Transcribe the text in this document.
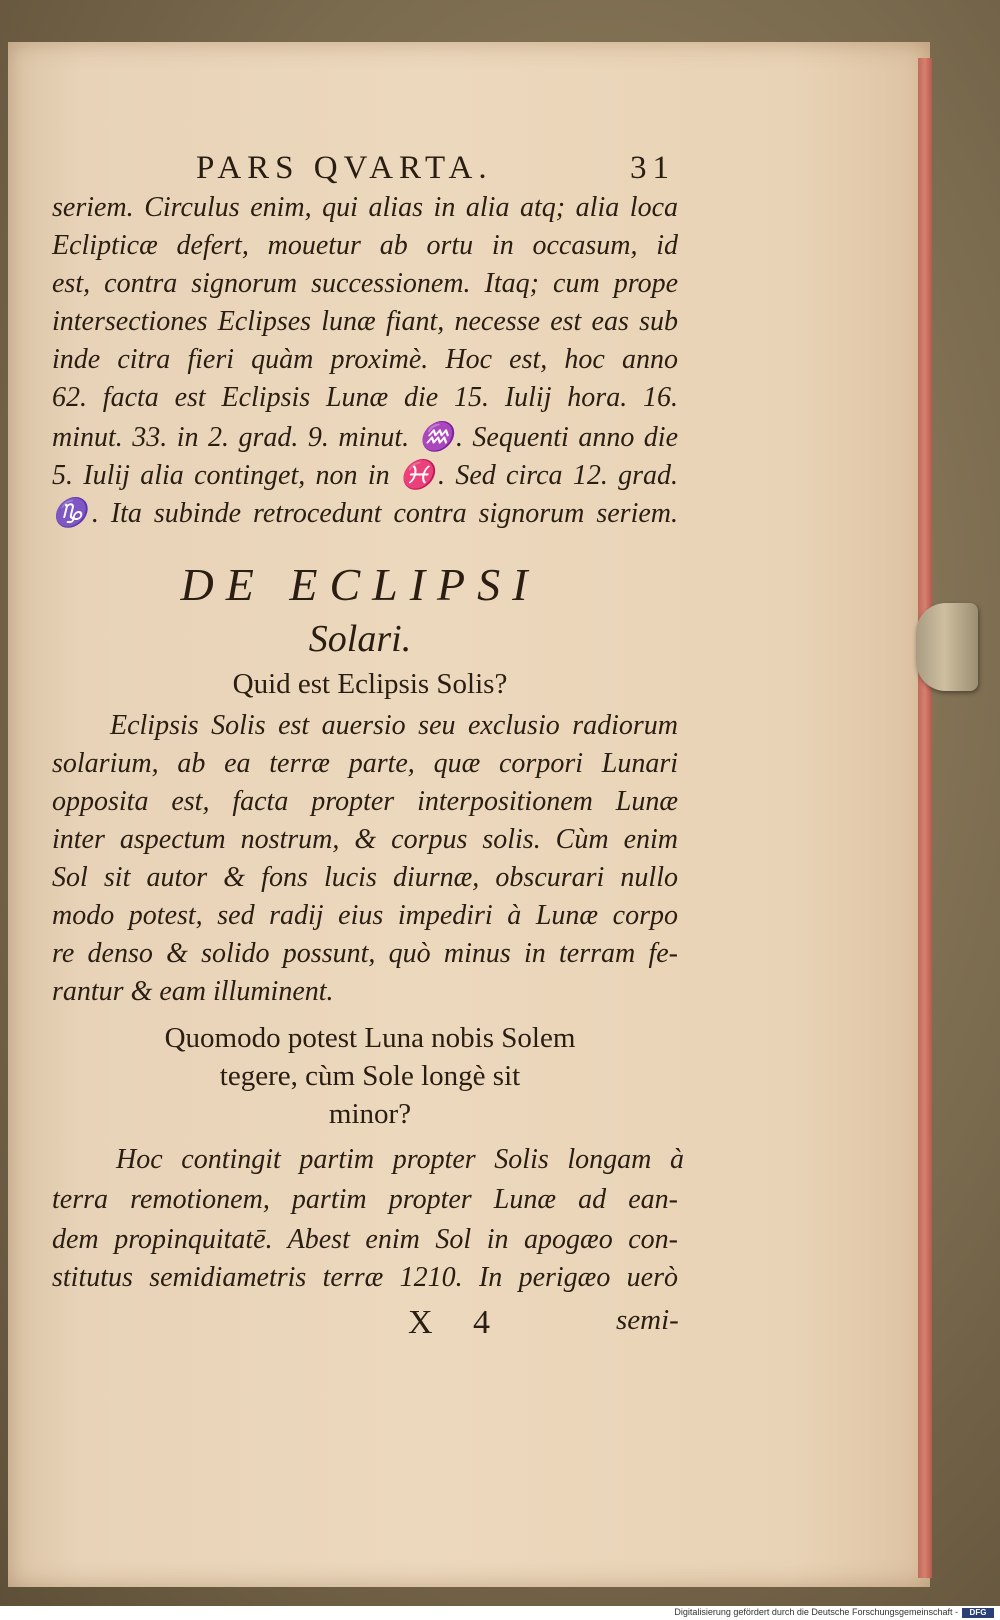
PARS QVARTA.	31
seriem. Circulus enim, qui alias in alia atq; alia loca
Eclipticæ defert, mouetur ab ortu in occasum, id
est, contra signorum successionem. Itaq; cum prope
intersectiones Eclipses lunæ fiant, necesse est eas sub
inde citra fieri quàm proximè. Hoc est, hoc anno
62. facta est Eclipsis Lunæ die 15. Iulij hora. 16.
minut. 33. in 2. grad. 9. minut. ♒. Sequenti anno die
5. Iulij alia continget, non in ♓. Sed circa 12. grad.
♑. Ita subinde retrocedunt contra signorum seriem.
DE ECLIPSI
Solari.
Quid est Eclipsis Solis?
Eclipsis Solis est auersio seu exclusio radiorum
solarium, ab ea terræ parte, quæ corpori Lunari
opposita est, facta propter interpositionem Lunæ
inter aspectum nostrum, & corpus solis. Cùm enim
Sol sit autor & fons lucis diurnæ, obscurari nullo
modo potest, sed radij eius impediri à Lunæ corpo
re denso & solido possunt, quò minus in terram fe-
rantur & eam illuminent.
Quomodo potest Luna nobis Solem
tegere, cùm Sole longè sit
minor?
Hoc contingit partim propter Solis longam à
terra remotionem, partim propter Lunæ ad ean-
dem propinquitatē. Abest enim Sol in apogæo con-
stitutus semidiametris terræ 1210. In perigæo uerò
X 4	semi-
Digitalisierung gefördert durch die Deutsche Forschungsgemeinschaft -	DFG
